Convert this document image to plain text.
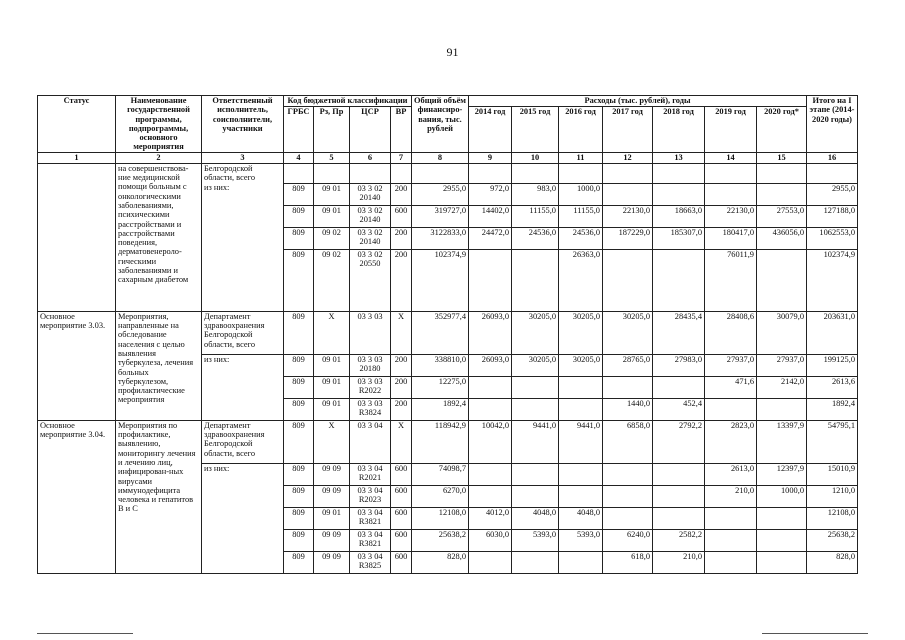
91
Статус	Наименование государственной программы, подпрограммы, основного мероприятия	Ответственный исполнитель, соисполнители, участники	Код бюджетной классификации				Общий объём финансиро-вания, тыс. рублей	Расходы (тыс. рублей), годы							Итого на I этапе (2014-2020 годы)
			ГРБС	Рз, Пр	ЦСР	ВР		2014 год	2015 год	2016 год	2017 год	2018 год	2019 год	2020 год*	
1	2	3	4	5	6	7	8	9	10	11	12	13	14	15	16
	на совершенствова-ние медицинской помощи больным с онкологическими заболеваниями, психическими расстройствами и расстройствами поведения, дерматовенероло-гическими заболеваниями и сахарным диабетом	Белгородской области, всего													
		из них:	809	09 01	03 3 02 20140	200	2955,0	972,0	983,0	1000,0					2955,0
			809	09 01	03 3 02 20140	600	319727,0	14402,0	11155,0	11155,0	22130,0	18663,0	22130,0	27553,0	127188,0
			809	09 02	03 3 02 20140	200	3122833,0	24472,0	24536,0	24536,0	187229,0	185307,0	180417,0	436056,0	1062553,0
			809	09 02	03 3 02 20550	200	102374,9			26363,0			76011,9		102374,9
Основное мероприятие 3.03.	Мероприятия, направленные на обследование населения с целью выявления туберкулеза, лечения больных туберкулезом, профилактические мероприятия	Департамент здравоохранения Белгородской области, всего	809	Х	03 3 03	Х	352977,4	26093,0	30205,0	30205,0	30205,0	28435,4	28408,6	30079,0	203631,0
		из них:	809	09 01	03 3 03 20180	200	338810,0	26093,0	30205,0	30205,0	28765,0	27983,0	27937,0	27937,0	199125,0
			809	09 01	03 3 03 R2022	200	12275,0						471,6	2142,0	2613,6
			809	09 01	03 3 03 R3824	200	1892,4				1440,0	452,4			1892,4
Основное мероприятие 3.04.	Мероприятия по профилактике, выявлению, мониторингу лечения и лечению лиц, инфицирован-ных вирусами иммунодефицита человека и гепатитов В и С	Департамент здравоохранения Белгородской области, всего	809	Х	03 3 04	Х	118942,9	10042,0	9441,0	9441,0	6858,0	2792,2	2823,0	13397,9	54795,1
		из них:	809	09 09	03 3 04 R2021	600	74098,7						2613,0	12397,9	15010,9
			809	09 09	03 3 04 R2023	600	6270,0						210,0	1000,0	1210,0
			809	09 01	03 3 04 R3821	600	12108,0	4012,0	4048,0	4048,0					12108,0
			809	09 09	03 3 04 R3821	600	25638,2	6030,0	5393,0	5393,0	6240,0	2582,2			25638,2
			809	09 09	03 3 04 R3825	600	828,0				618,0	210,0			828,0
